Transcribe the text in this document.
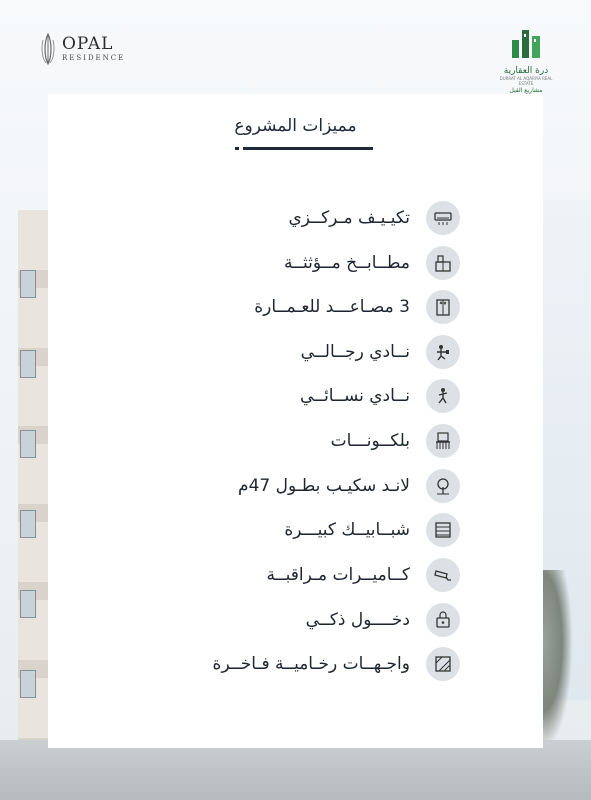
OPAL
RESIDENCE
درة العقارية
DURRAT AL AQARIYA REAL ESTATE
مشاريع القيل
مميزات المشروع
تكيـيـف مـركــزي
مطــابــخ مــؤثثــة
3 مصـاعـــد للعـمــارة
نــادي رجــالــي
نــادي نســائــي
بلكــونـــات
لانـد سكيـب بطـول 47م
شبــابيــك كبيـــرة
كــاميــرات مـراقبــة
دخــــول ذكــي
واجـهــات رخـاميــة فـاخــرة
